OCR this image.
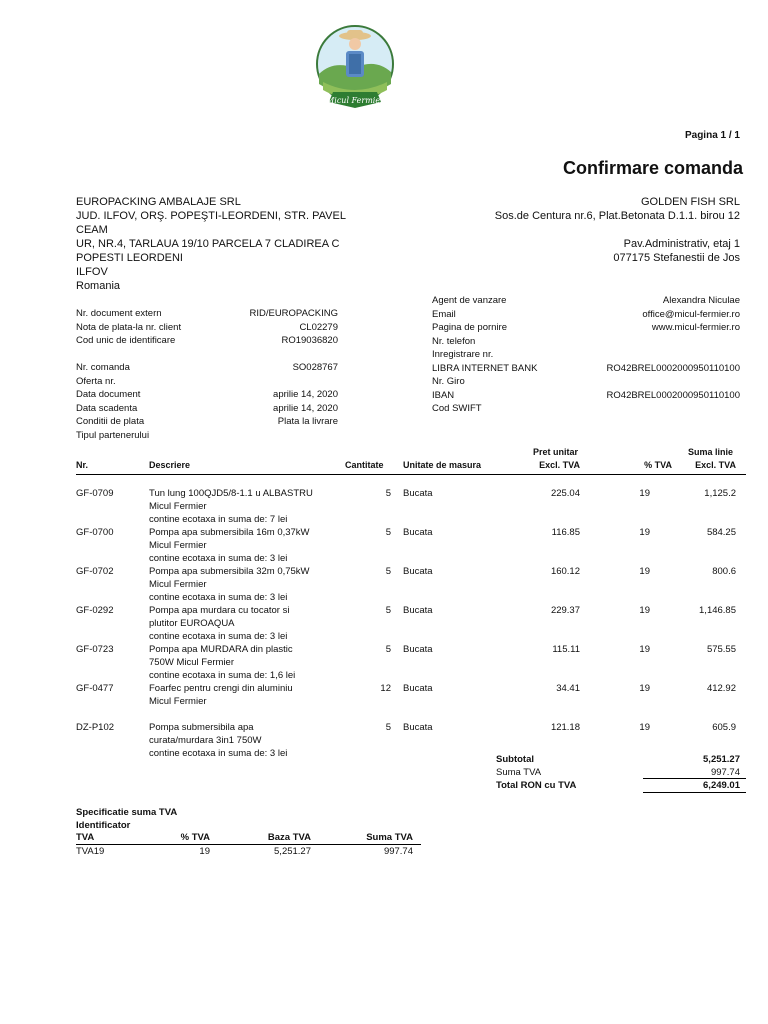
Micul Fermier
Pagina 1 / 1
Confirmare comanda
EUROPACKING AMBALAJE SRL
JUD. ILFOV, ORŞ. POPEŞTI-LEORDENI, STR. PAVEL
CEAM
UR, NR.4, TARLAUA 19/10 PARCELA 7 CLADIREA C
POPESTI LEORDENI
ILFOV
Romania
GOLDEN FISH SRL
Sos.de Centura nr.6, Plat.Betonata D.1.1. birou 12
Pav.Administrativ, etaj 1
077175 Stefanestii de Jos
Nr. document extern	RID/EUROPACKING
Nota de plata-la nr. client	CL02279
Cod unic de identificare	RO19036820
Nr. comanda	SO028767
Oferta nr.
Data document	aprilie 14, 2020
Data scadenta	aprilie 14, 2020
Conditii de plata	Plata la livrare
Tipul partenerului
Agent de vanzare	Alexandra Niculae
Email	office@micul-fermier.ro
Pagina de pornire	www.micul-fermier.ro
Nr. telefon
Inregistrare nr.
LIBRA INTERNET BANK	RO42BREL0002000950110100
Nr. Giro
IBAN	RO42BREL0002000950110100
Cod SWIFT
Nr.	Descriere	Cantitate Unitate de masura
Pret unitar
Excl. TVA	% TVA
Suma linie
Excl. TVA
GF-0709	Tun lung 100QJD5/8-1.1 u ALBASTRU
Micul Fermier
contine ecotaxa in suma de: 7 lei
5 Bucata	225.04	19	1,125.2
GF-0700	Pompa apa submersibila 16m 0,37kW
Micul Fermier
contine ecotaxa in suma de: 3 lei
5 Bucata	116.85	19	584.25
GF-0702	Pompa apa submersibila 32m 0,75kW
Micul Fermier
contine ecotaxa in suma de: 3 lei
5 Bucata	160.12	19	800.6
GF-0292	Pompa apa murdara cu tocator si
plutitor EUROAQUA
contine ecotaxa in suma de: 3 lei
5 Bucata	229.37	19	1,146.85
GF-0723	Pompa apa MURDARA din plastic
750W Micul Fermier
contine ecotaxa in suma de: 1,6 lei
5 Bucata	115.11	19	575.55
GF-0477	Foarfec pentru crengi din aluminiu
Micul Fermier
12 Bucata	34.41	19	412.92
DZ-P102	Pompa submersibila apa
curata/murdara 3in1 750W
contine ecotaxa in suma de: 3 lei
5 Bucata	121.18	19	605.9
Subtotal	5,251.27
Suma TVA	997.74
Total RON cu TVA	6,249.01
Specificatie suma TVA
Identificator
TVA	% TVA	Baza TVA	Suma TVA
TVA19	19	5,251.27	997.74
